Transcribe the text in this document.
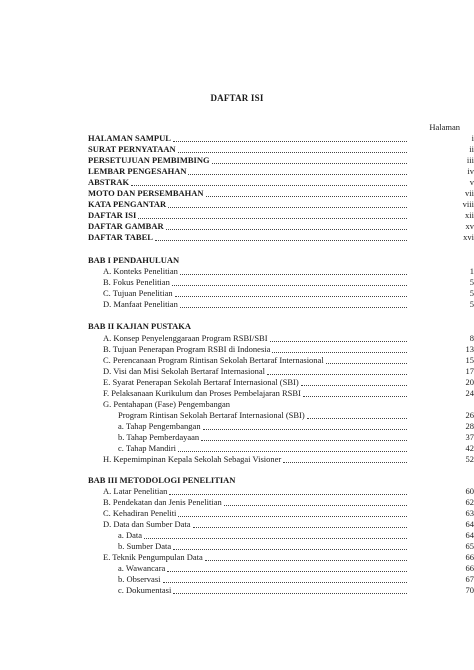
DAFTAR ISI
Halaman
HALAMAN SAMPUL	i
SURAT PERNYATAAN	ii
PERSETUJUAN PEMBIMBING	iii
LEMBAR PENGESAHAN	iv
ABSTRAK	v
MOTO DAN PERSEMBAHAN	vii
KATA PENGANTAR	viii
DAFTAR ISI	xii
DAFTAR GAMBAR	xv
DAFTAR TABEL	xvi
BAB I PENDAHULUAN
A. Konteks Penelitian	1
B. Fokus Penelitian	5
C. Tujuan Penelitian	5
D. Manfaat Penelitian	5
BAB II KAJIAN PUSTAKA
A. Konsep Penyelenggaraan Program RSBI/SBI	8
B. Tujuan Penerapan Program RSBI di Indonesia	13
C. Perencanaan Program Rintisan Sekolah Bertaraf Internasional	15
D. Visi dan Misi Sekolah Bertaraf Internasional	17
E. Syarat Penerapan Sekolah Bertaraf Internasional (SBI)	20
F. Pelaksanaan Kurikulum dan Proses Pembelajaran RSBI	24
G. Pentahapan (Fase) Pengembangan
Program Rintisan Sekolah Bertaraf Internasional (SBI)	26
a. Tahap Pengembangan	28
b. Tahap Pemberdayaan	37
c. Tahap Mandiri	42
H. Kepemimpinan Kepala Sekolah Sebagai Visioner	52
BAB III METODOLOGI PENELITIAN
A. Latar Penelitian	60
B. Pendekatan dan Jenis Penelitian	62
C. Kehadiran Peneliti	63
D. Data dan Sumber Data	64
a. Data	64
b. Sumber Data	65
E. Teknik Pengumpulan Data	66
a. Wawancara	66
b. Observasi	67
c. Dokumentasi	70
